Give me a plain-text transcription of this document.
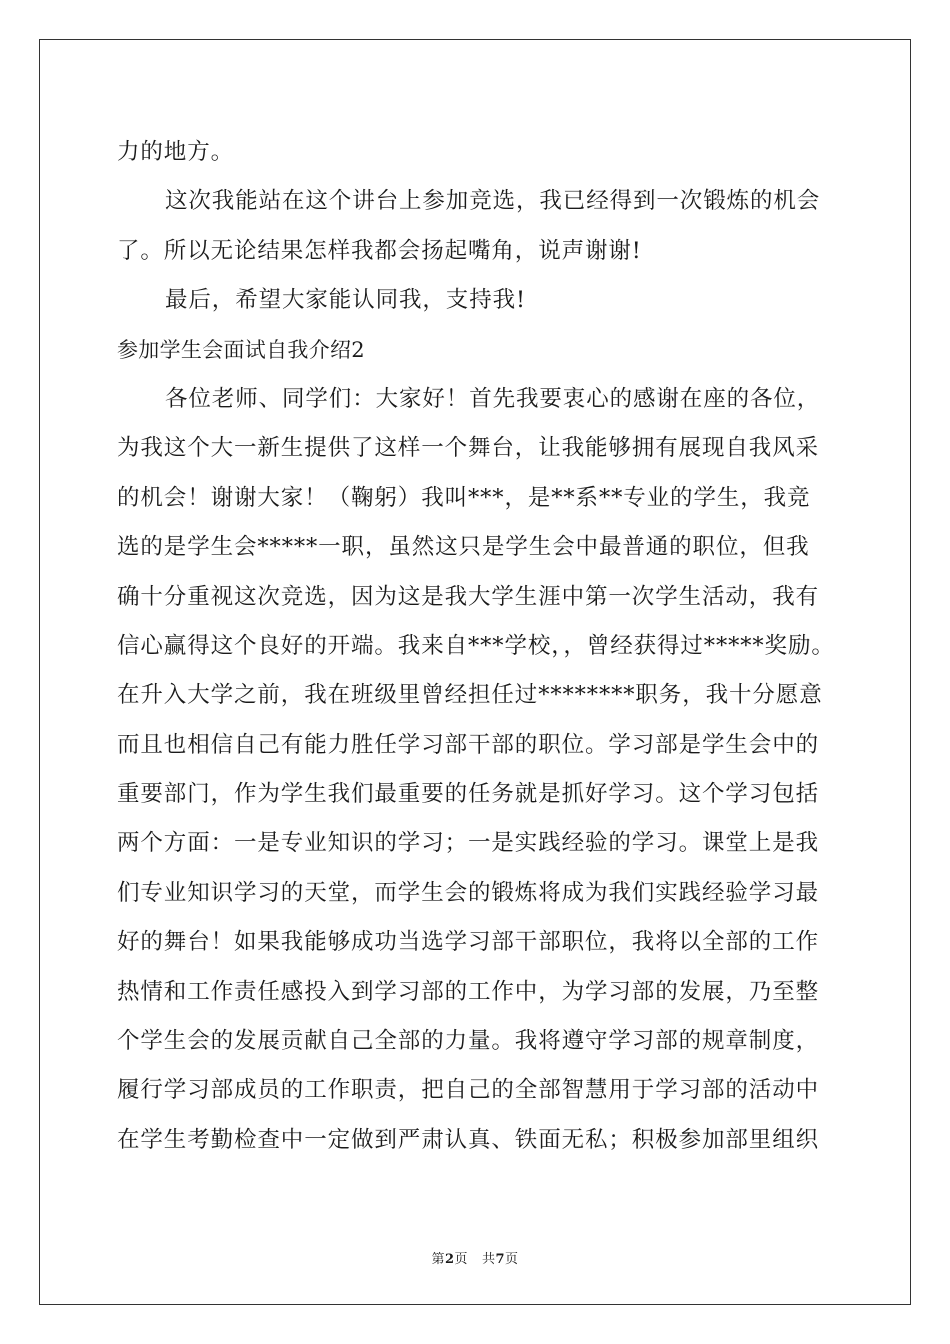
力的地方。
这次我能站在这个讲台上参加竞选，我已经得到一次锻炼的机会
了。所以无论结果怎样我都会扬起嘴角，说声谢谢!
最后，希望大家能认同我，支持我!
参加学生会面试自我介绍2
各位老师、同学们：大家好！首先我要衷心的感谢在座的各位，
为我这个大一新生提供了这样一个舞台，让我能够拥有展现自我风采
的机会！谢谢大家！（鞠躬）我叫***，是**系**专业的学生，我竞
选的是学生会*****一职，虽然这只是学生会中最普通的职位，但我
确十分重视这次竞选，因为这是我大学生涯中第一次学生活动，我有
信心赢得这个良好的开端。我来自***学校，，曾经获得过*****奖励。
在升入大学之前，我在班级里曾经担任过********职务，我十分愿意
而且也相信自己有能力胜任学习部干部的职位。学习部是学生会中的
重要部门，作为学生我们最重要的任务就是抓好学习。这个学习包括
两个方面：一是专业知识的学习；一是实践经验的学习。课堂上是我
们专业知识学习的天堂，而学生会的锻炼将成为我们实践经验学习最
好的舞台！如果我能够成功当选学习部干部职位，我将以全部的工作
热情和工作责任感投入到学习部的工作中，为学习部的发展，乃至整
个学生会的发展贡献自己全部的力量。我将遵守学习部的规章制度，
履行学习部成员的工作职责，把自己的全部智慧用于学习部的活动中
在学生考勤检查中一定做到严肃认真、铁面无私；积极参加部里组织
第2页 共7页
